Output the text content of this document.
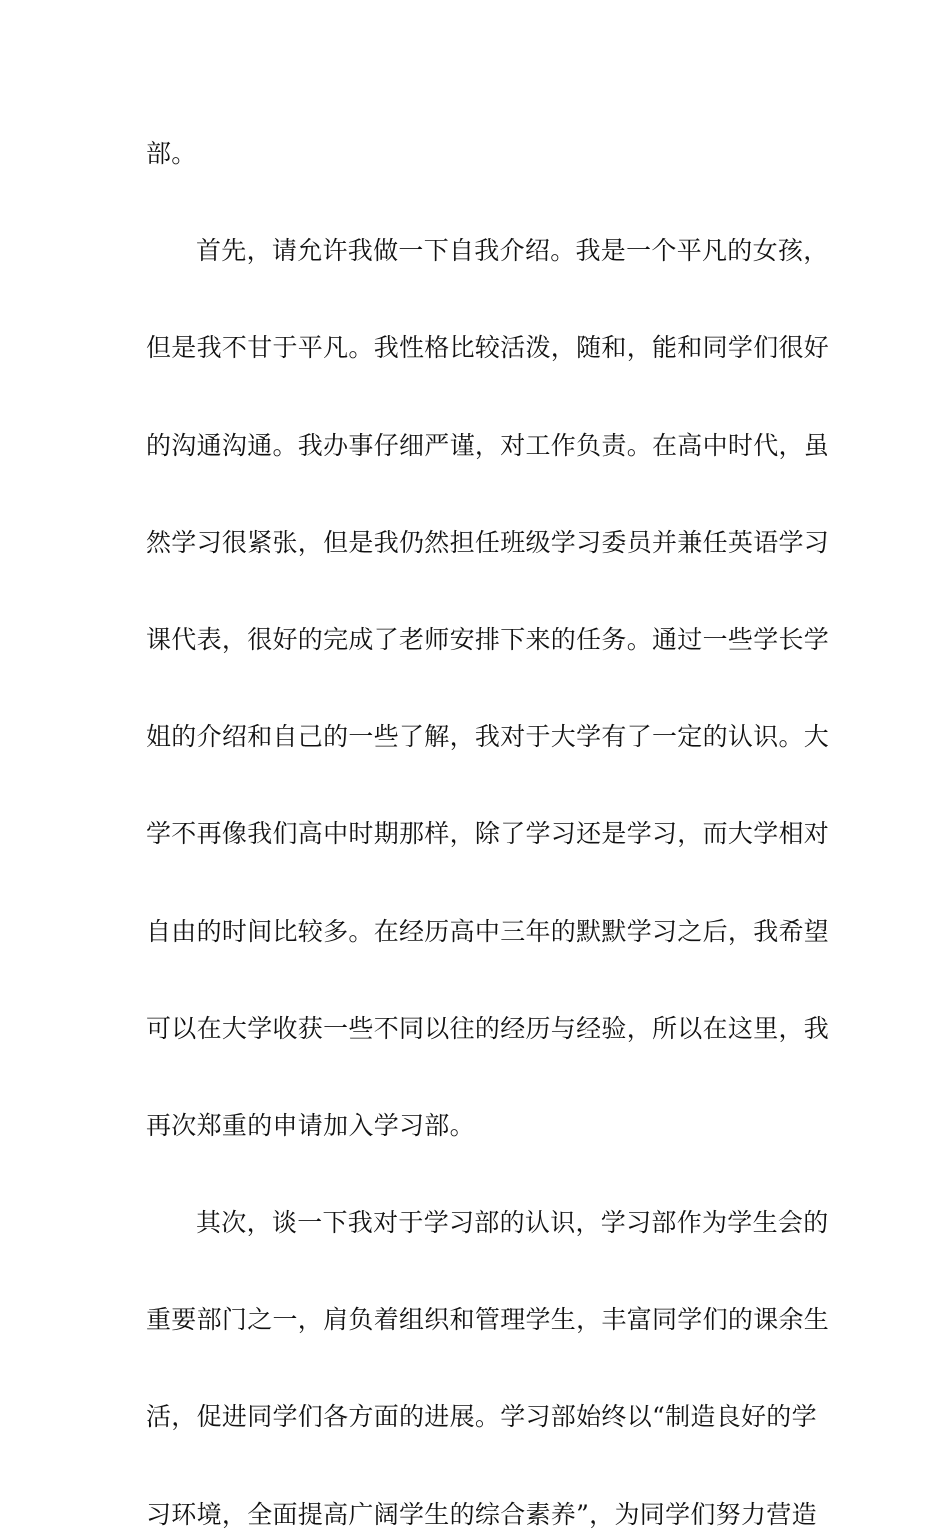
部。
首先，请允许我做一下自我介绍。我是一个平凡的女孩，
但是我不甘于平凡。我性格比较活泼，随和，能和同学们很好
的沟通沟通。我办事仔细严谨，对工作负责。在高中时代，虽
然学习很紧张，但是我仍然担任班级学习委员并兼任英语学习
课代表，很好的完成了老师安排下来的任务。通过一些学长学
姐的介绍和自己的一些了解，我对于大学有了一定的认识。大
学不再像我们高中时期那样，除了学习还是学习，而大学相对
自由的时间比较多。在经历高中三年的默默学习之后，我希望
可以在大学收获一些不同以往的经历与经验，所以在这里，我
再次郑重的申请加入学习部。
其次，谈一下我对于学习部的认识，学习部作为学生会的
重要部门之一，肩负着组织和管理学生，丰富同学们的课余生
活，促进同学们各方面的进展。学习部始终以“制造良好的学
习环境，全面提高广阔学生的综合素养”，为同学们努力营造
